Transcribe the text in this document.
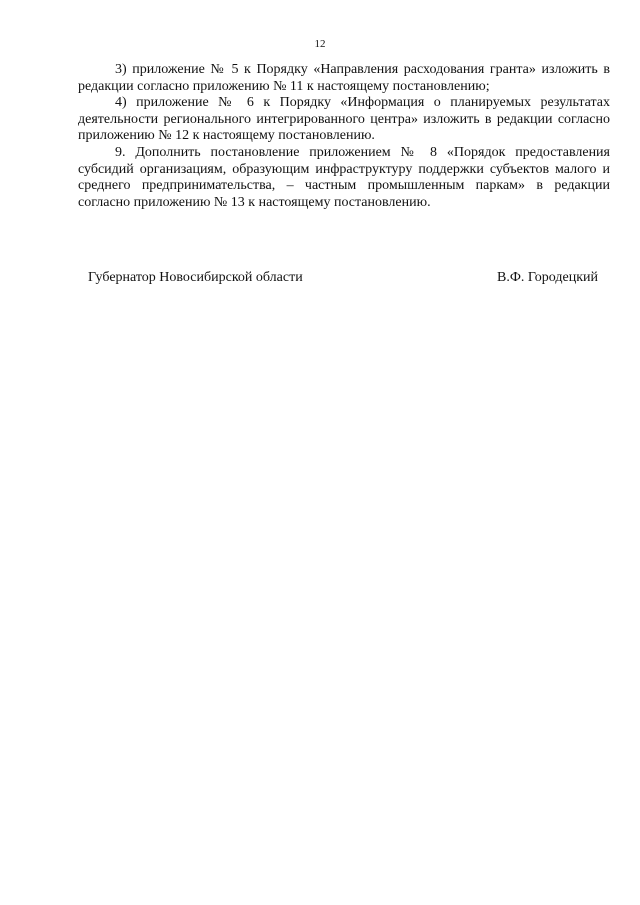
12

3) приложение № 5 к Порядку «Направления расходования гранта» изложить в редакции согласно приложению № 11 к настоящему постановлению;

4) приложение № 6 к Порядку «Информация о планируемых результатах деятельности регионального интегрированного центра» изложить в редакции согласно приложению № 12 к настоящему постановлению.

9. Дополнить постановление приложением № 8 «Порядок предоставления субсидий организациям, образующим инфраструктуру поддержки субъектов малого и среднего предпринимательства, – частным промышленным паркам» в редакции согласно приложению № 13 к настоящему постановлению.

Губернатор Новосибирской области	В.Ф. Городецкий
